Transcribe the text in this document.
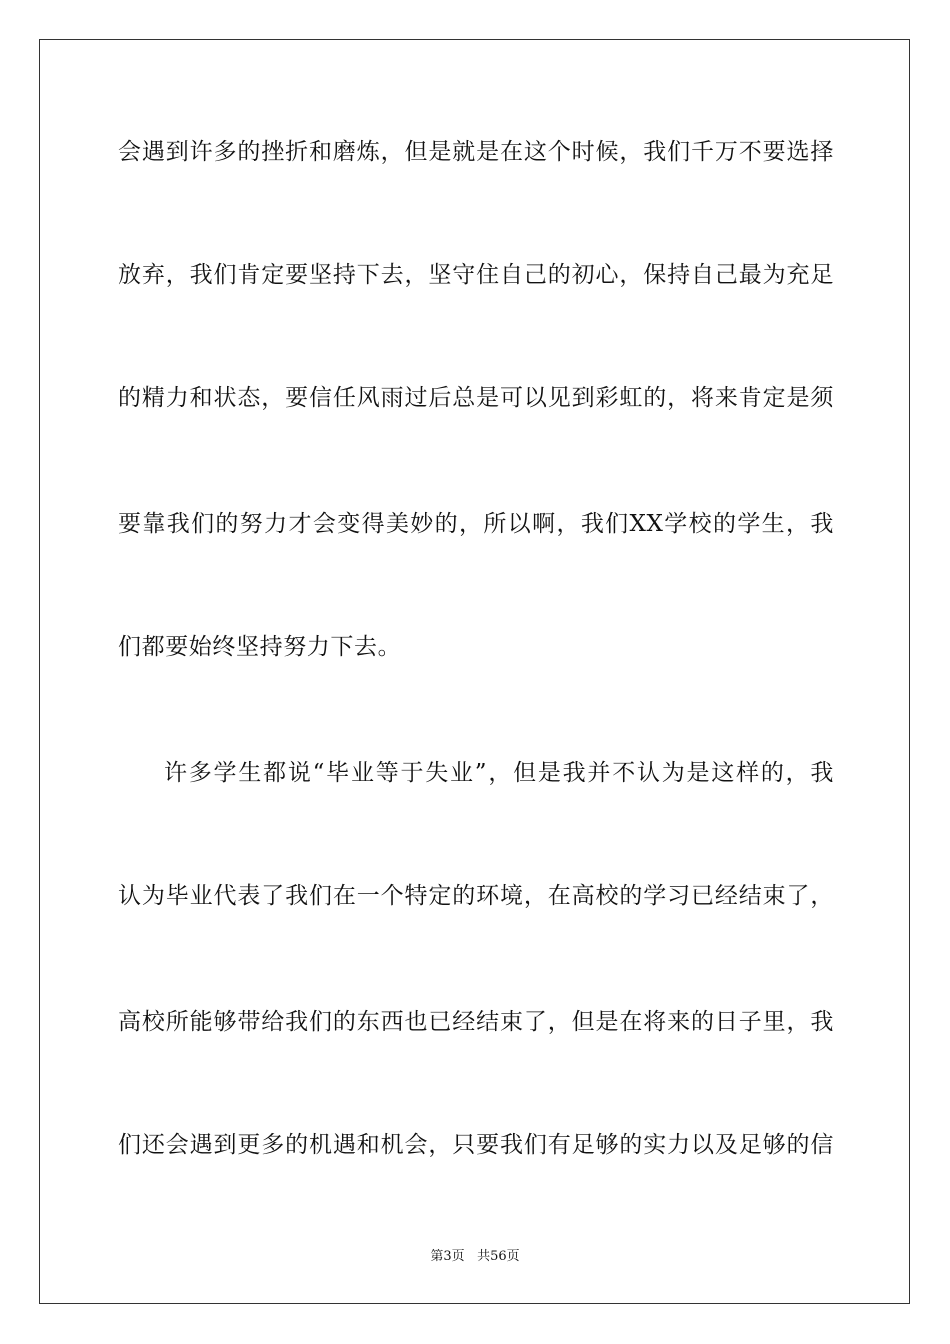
会遇到许多的挫折和磨炼，但是就是在这个时候，我们千万不要选择
放弃，我们肯定要坚持下去，坚守住自己的初心，保持自己最为充足
的精力和状态，要信任风雨过后总是可以见到彩虹的，将来肯定是须
要靠我们的努力才会变得美妙的，所以啊，我们XX学校的学生，我
们都要始终坚持努力下去。
许多学生都说“毕业等于失业”，但是我并不认为是这样的，我
认为毕业代表了我们在一个特定的环境，在高校的学习已经结束了，
高校所能够带给我们的东西也已经结束了，但是在将来的日子里，我
们还会遇到更多的机遇和机会，只要我们有足够的实力以及足够的信
第3页 共56页
